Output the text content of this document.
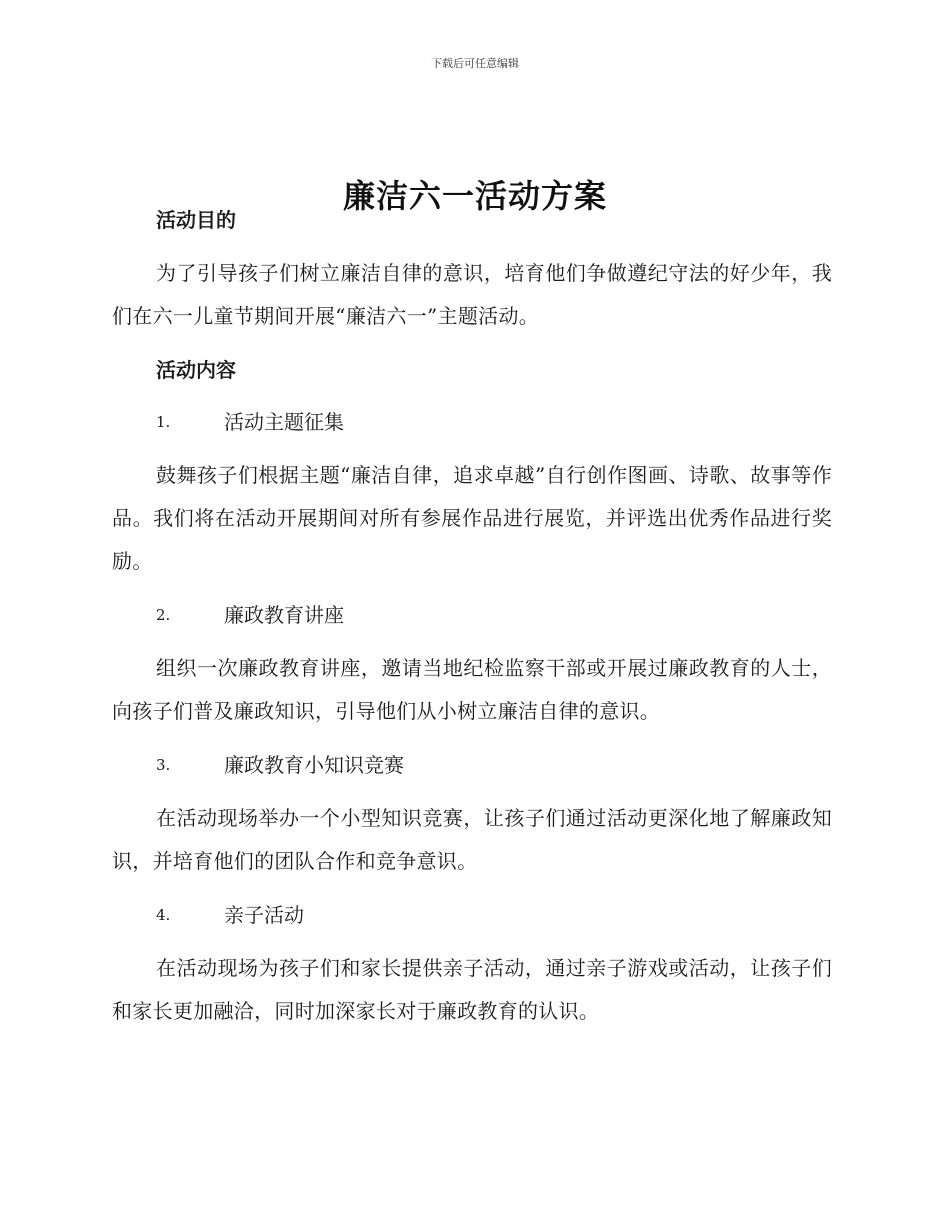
下载后可任意编辑
廉洁六一活动方案

活动目的

为了引导孩子们树立廉洁自律的意识，培育他们争做遵纪守法的好少年，我们在六一儿童节期间开展“廉洁六一”主题活动。

活动内容

1.	活动主题征集

鼓舞孩子们根据主题“廉洁自律，追求卓越”自行创作图画、诗歌、故事等作品。我们将在活动开展期间对所有参展作品进行展览，并评选出优秀作品进行奖励。

2.	廉政教育讲座

组织一次廉政教育讲座，邀请当地纪检监察干部或开展过廉政教育的人士，向孩子们普及廉政知识，引导他们从小树立廉洁自律的意识。

3.	廉政教育小知识竞赛

在活动现场举办一个小型知识竞赛，让孩子们通过活动更深化地了解廉政知识，并培育他们的团队合作和竞争意识。

4.	亲子活动

在活动现场为孩子们和家长提供亲子活动，通过亲子游戏或活动，让孩子们和家长更加融洽，同时加深家长对于廉政教育的认识。
